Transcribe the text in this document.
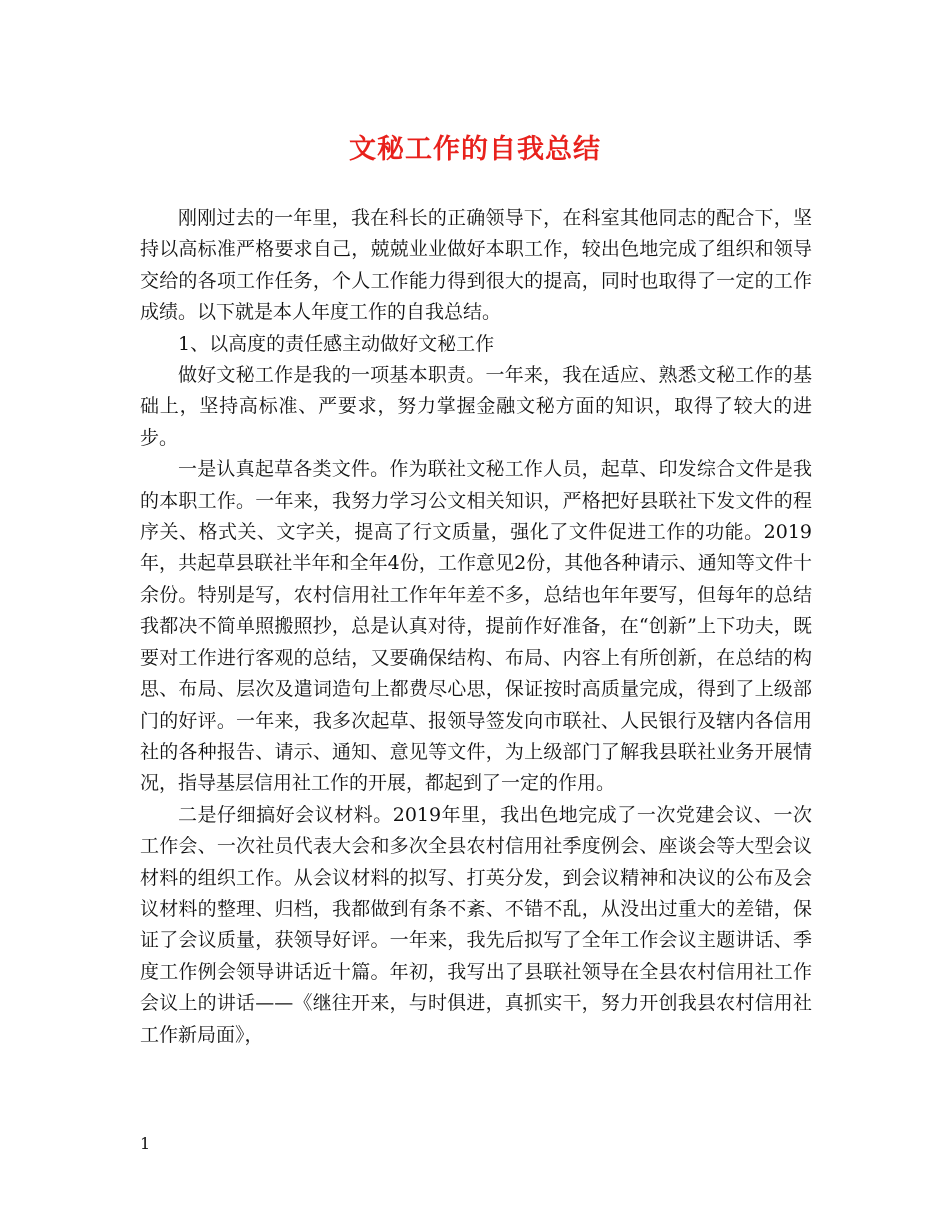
文秘工作的自我总结

刚刚过去的一年里，我在科长的正确领导下，在科室其他同志的配合下，坚持以高标准严格要求自己，兢兢业业做好本职工作，较出色地完成了组织和领导交给的各项工作任务，个人工作能力得到很大的提高，同时也取得了一定的工作成绩。以下就是本人年度工作的自我总结。

1、以高度的责任感主动做好文秘工作

做好文秘工作是我的一项基本职责。一年来，我在适应、熟悉文秘工作的基础上，坚持高标准、严要求，努力掌握金融文秘方面的知识，取得了较大的进步。

一是认真起草各类文件。作为联社文秘工作人员，起草、印发综合文件是我的本职工作。一年来，我努力学习公文相关知识，严格把好县联社下发文件的程序关、格式关、文字关，提高了行文质量，强化了文件促进工作的功能。2019年，共起草县联社半年和全年4份，工作意见2份，其他各种请示、通知等文件十余份。特别是写，农村信用社工作年年差不多，总结也年年要写，但每年的总结我都决不简单照搬照抄，总是认真对待，提前作好准备，在“创新”上下功夫，既要对工作进行客观的总结，又要确保结构、布局、内容上有所创新，在总结的构思、布局、层次及遣词造句上都费尽心思，保证按时高质量完成，得到了上级部门的好评。一年来，我多次起草、报领导签发向市联社、人民银行及辖内各信用社的各种报告、请示、通知、意见等文件，为上级部门了解我县联社业务开展情况，指导基层信用社工作的开展，都起到了一定的作用。

二是仔细搞好会议材料。2019年里，我出色地完成了一次党建会议、一次工作会、一次社员代表大会和多次全县农村信用社季度例会、座谈会等大型会议材料的组织工作。从会议材料的拟写、打英分发，到会议精神和决议的公布及会议材料的整理、归档，我都做到有条不紊、不错不乱，从没出过重大的差错，保证了会议质量，获领导好评。一年来，我先后拟写了全年工作会议主题讲话、季度工作例会领导讲话近十篇。年初，我写出了县联社领导在全县农村信用社工作会议上的讲话——《继往开来，与时俱进，真抓实干，努力开创我县农村信用社工作新局面》，

1
